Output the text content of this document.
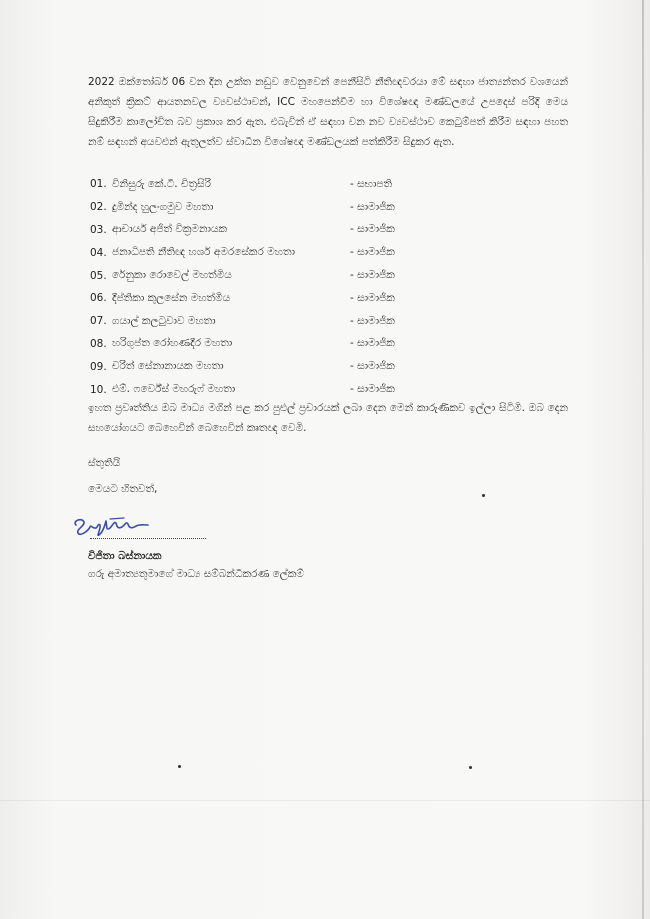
2022 ඔක්තෝබර් 06 වන දින උක්ත නඩුව වෙනුවෙන් පෙනීසිටි නීතිඥවරයා මේ සඳහා ජාත්‍යන්තර වශයෙන් අනිකුත් ක්‍රිකට් ආයතනවල ව්‍යවස්ථාවන්, ICC මහපෙන්වීම හා විශේෂඥ මණ්ඩලයේ උපදෙස් පරිදි මෙය සිදුකිරීම කාලෝචිත බව ප්‍රකාශ කර ඇත. එබැවින් ඒ සඳහා වන නව ව්‍යවස්ථාව කෙටුම්පත් කිරීම සඳහා පහත නම් සඳහන් අයවළුන් ඇතුලත්ව ස්වාධීන විශේෂඥ මණ්ඩලයක් පත්කිරීම සිදුකර ඇත.
01. විනිසුරු කේ.ටී. චිත්‍රසිරි	- සභාපති
02. දුමින්ද හුලංගමුව මහතා	- සාමාජික
03. ආචාර්ය අජිත් වික්‍රමනායක	- සාමාජික
04. ජනාධිපති නීතිඥ හර්ශ අමරසේකර මහතා	- සාමාජික
05. රේනුකා රොවෙල් මහත්මිය	- සාමාජික
06. දීප්තිකා කුලසේන මහත්මිය	- සාමාජික
07. ගයාල් කලටුවාව මහතා	- සාමාජික
08. හරිගුප්ත රෝහණදීර මහතා	- සාමාජික
09. චරිත් සේනානායක මහතා	- සාමාජික
10. එම්. ෆර්වේස් මහරුෆ් මහතා	- සාමාජික
ඉහත ප්‍රවෘත්තිය ඔබ මාධ්‍ය මගින් පළ කර පුළුල් ප්‍රචාරයක් ලබා දෙන මෙන් කාරුණිකව ඉල්ලා සිටිමි. ඔබ දෙන සහයෝගයට බෙහෙවින් බෙහෙවින් කෘතඥ වෙමි.
ස්තුතියි
මෙයට හිතවත්,
විජිතා බස්නායක
ගරු අමාත්‍යතුමාගේ මාධ්‍ය සම්බන්ධීකරණ ලේකම්
